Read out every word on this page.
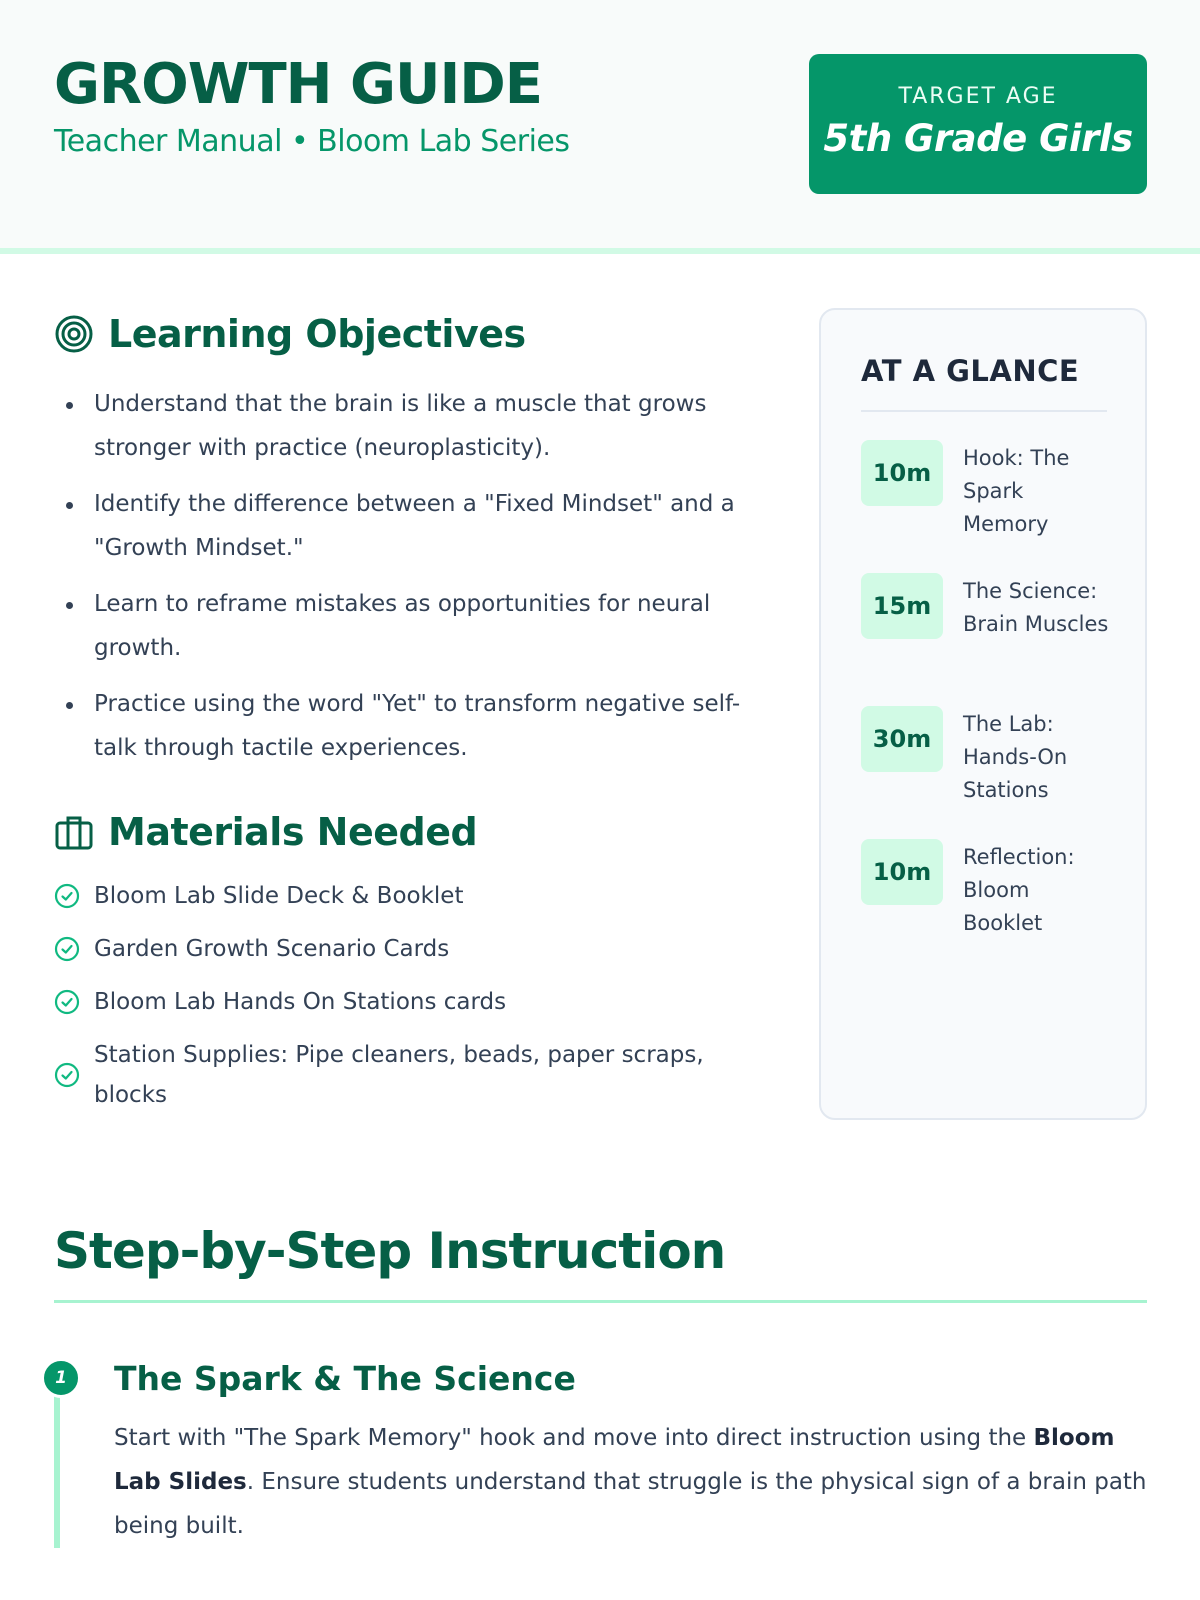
GROWTH GUIDE
Teacher Manual • Bloom Lab Series
TARGET AGE
5th Grade Girls
Learning Objectives
Understand that the brain is like a muscle that grows stronger with practice (neuroplasticity).
Identify the difference between a "Fixed Mindset" and a "Growth Mindset."
Learn to reframe mistakes as opportunities for neural growth.
Practice using the word "Yet" to transform negative self-talk through tactile experiences.
Materials Needed
Bloom Lab Slide Deck & Booklet
Garden Growth Scenario Cards
Bloom Lab Hands On Stations cards
Station Supplies: Pipe cleaners, beads, paper scraps, blocks
AT A GLANCE
10m
Hook: The Spark Memory
15m
The Science: Brain Muscles
30m
The Lab: Hands-On Stations
10m
Reflection: Bloom Booklet
Step-by-Step Instruction
1	The Spark & The Science

Start with "The Spark Memory" hook and move into direct instruction using the Bloom Lab Slides. Ensure students understand that struggle is the physical sign of a brain path being built.
